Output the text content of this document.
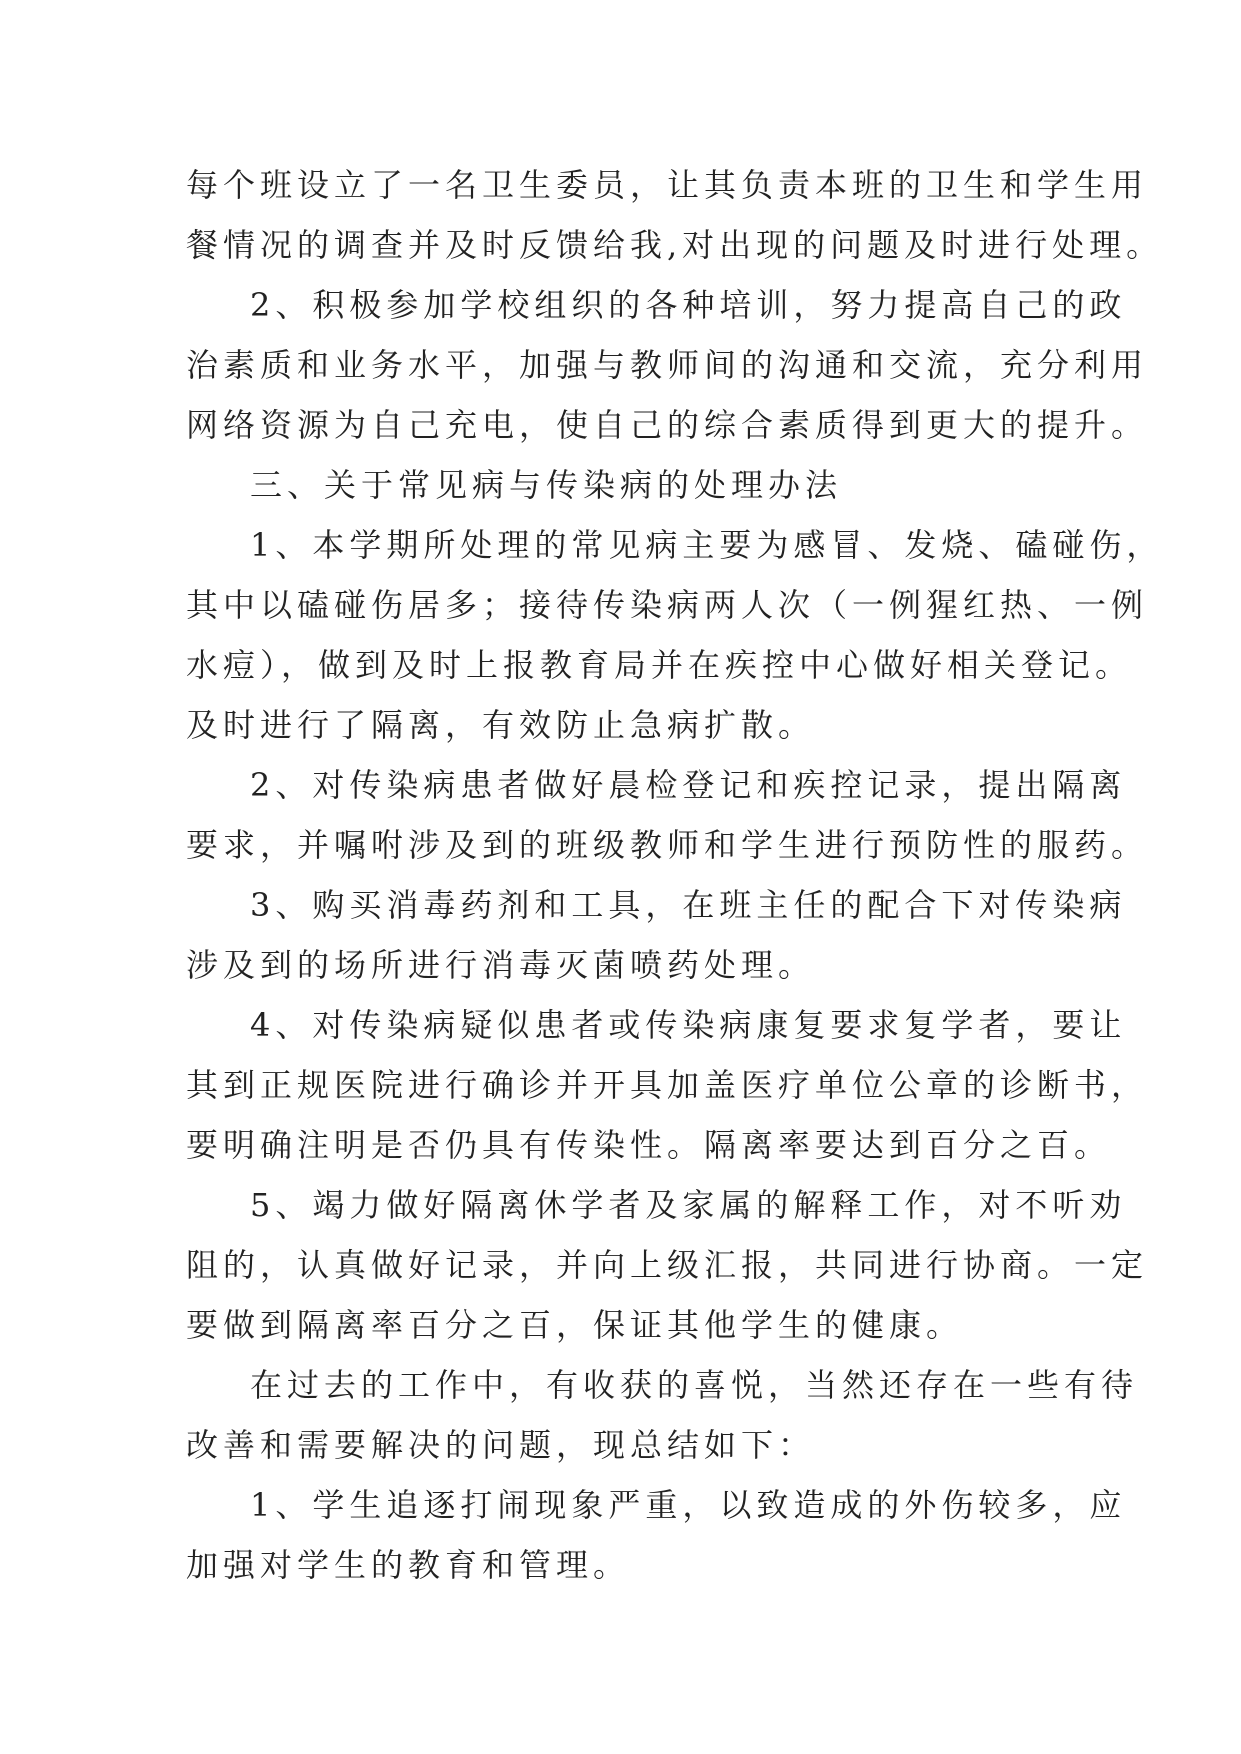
每个班设立了一名卫生委员，让其负责本班的卫生和学生用
餐情况的调查并及时反馈给我,对出现的问题及时进行处理。
2、积极参加学校组织的各种培训，努力提高自己的政
治素质和业务水平，加强与教师间的沟通和交流，充分利用
网络资源为自己充电，使自己的综合素质得到更大的提升。
三、关于常见病与传染病的处理办法
1、本学期所处理的常见病主要为感冒、发烧、磕碰伤，
其中以磕碰伤居多；接待传染病两人次（一例猩红热、一例
水痘），做到及时上报教育局并在疾控中心做好相关登记。
及时进行了隔离，有效防止急病扩散。
2、对传染病患者做好晨检登记和疾控记录，提出隔离
要求，并嘱咐涉及到的班级教师和学生进行预防性的服药。
3、购买消毒药剂和工具，在班主任的配合下对传染病
涉及到的场所进行消毒灭菌喷药处理。
4、对传染病疑似患者或传染病康复要求复学者，要让
其到正规医院进行确诊并开具加盖医疗单位公章的诊断书，
要明确注明是否仍具有传染性。隔离率要达到百分之百。
5、竭力做好隔离休学者及家属的解释工作，对不听劝
阻的，认真做好记录，并向上级汇报，共同进行协商。一定
要做到隔离率百分之百，保证其他学生的健康。
在过去的工作中，有收获的喜悦，当然还存在一些有待
改善和需要解决的问题，现总结如下：
1、学生追逐打闹现象严重，以致造成的外伤较多，应
加强对学生的教育和管理。
